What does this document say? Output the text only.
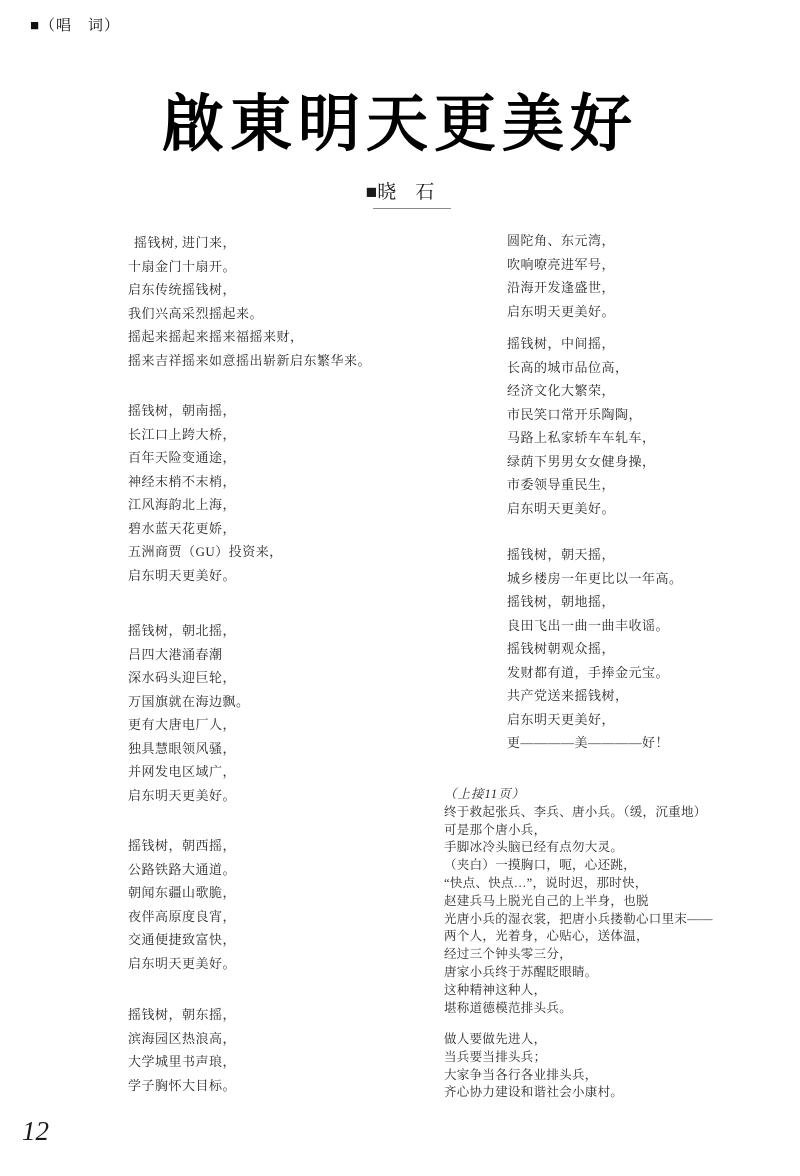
■（唱　词）
啟東明天更美好
■晓　石
摇钱树, 进门来，
十扇金门十扇开。
启东传统摇钱树，
我们兴高采烈摇起来。
摇起来摇起来摇来福摇来财，
摇来吉祥摇来如意摇出崭新启东繁华来。
摇钱树，朝南摇，
长江口上跨大桥，
百年天险变通途，
神经末梢不末梢，
江风海韵北上海，
碧水蓝天花更娇，
五洲商贾（GU）投资来，
启东明天更美好。
摇钱树，朝北摇，
吕四大港涌春潮
深水码头迎巨轮，
万国旗就在海边飘。
更有大唐电厂人，
独具慧眼领风骚，
并网发电区域广，
启东明天更美好。
摇钱树，朝西摇，
公路铁路大通道。
朝闻东疆山歌脆，
夜伴高原度良宵，
交通便捷致富快，
启东明天更美好。
摇钱树，朝东摇，
滨海园区热浪高，
大学城里书声琅，
学子胸怀大目标。
圆陀角、东元湾，
吹响嘹亮进军号，
沿海开发逢盛世，
启东明天更美好。
摇钱树，中间摇，
长高的城市品位高，
经济文化大繁荣，
市民笑口常开乐陶陶，
马路上私家轿车车轧车，
绿荫下男男女女健身操，
市委领导重民生，
启东明天更美好。
摇钱树，朝天摇，
城乡楼房一年更比以一年高。
摇钱树，朝地摇，
良田飞出一曲一曲丰收谣。
摇钱树朝观众摇，
发财都有道，手捧金元宝。
共产党送来摇钱树，
启东明天更美好，
更————美————好！
（上接11页）
终于救起张兵、李兵、唐小兵。（缓，沉重地）
可是那个唐小兵，
手脚冰冷头脑已经有点勿大灵。
（夹白）一摸胸口，呃，心还跳，
“快点、快点…”，说时迟，那时快，
赵建兵马上脱光自己的上半身，也脱
光唐小兵的湿衣裳，把唐小兵搂勒心口里末——
两个人，光着身，心贴心，送体温，
经过三个钟头零三分，
唐家小兵终于苏醒眨眼睛。
这种精神这种人，
堪称道德模范排头兵。
做人要做先进人，
当兵要当排头兵；
大家争当各行各业排头兵，
齐心协力建设和谐社会小康村。
12
